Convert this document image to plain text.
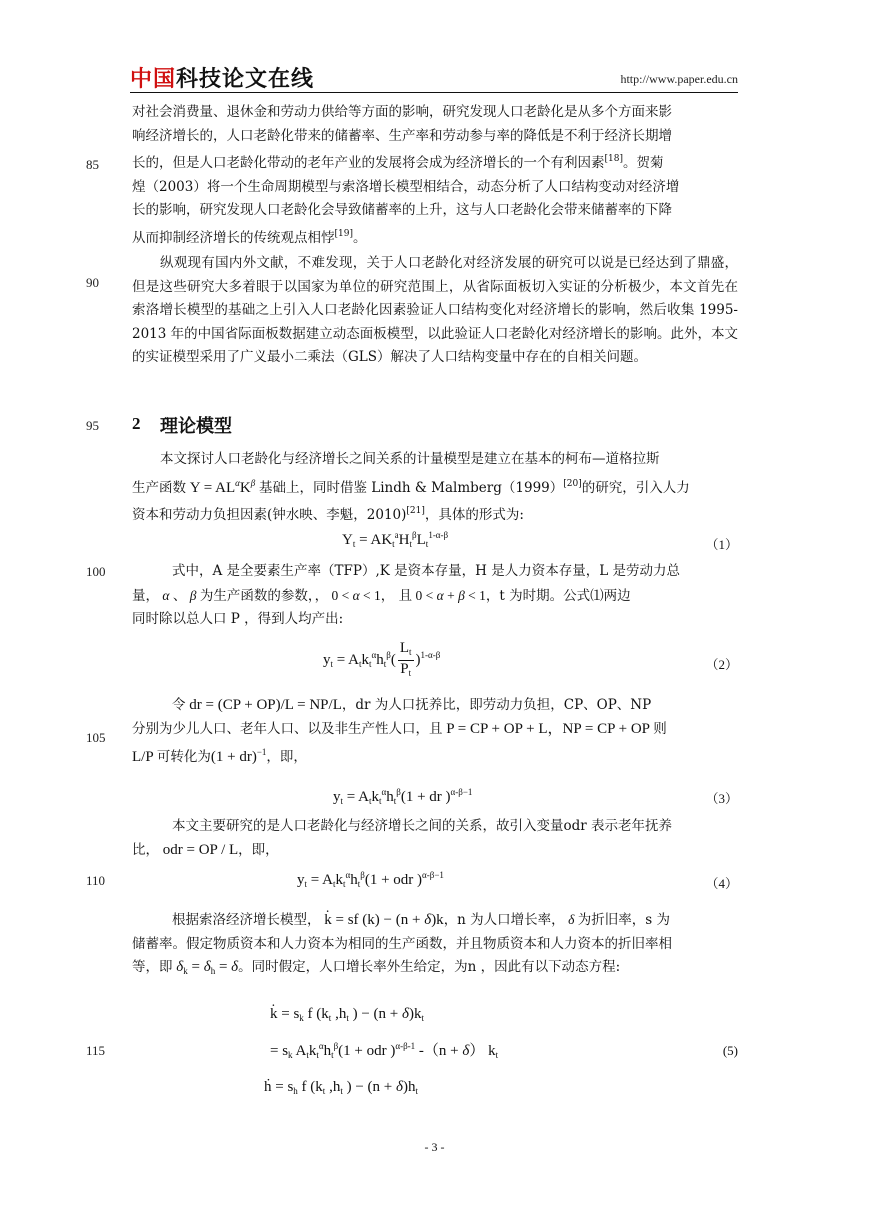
中国科技论文在线	http://www.paper.edu.cn
85
90
95
100
105
110
115

对社会消费量、退休金和劳动力供给等方面的影响，研究发现人口老龄化是从多个方面来影

响经济增长的，人口老龄化带来的储蓄率、生产率和劳动参与率的降低是不利于经济长期增

长的，但是人口老龄化带动的老年产业的发展将会成为经济增长的一个有利因素[18]。贺菊

煌（2003）将一个生命周期模型与索洛增长模型相结合，动态分析了人口结构变动对经济增

长的影响，研究发现人口老龄化会导致储蓄率的上升，这与人口老龄化会带来储蓄率的下降

从而抑制经济增长的传统观点相悖[19]。

纵观现有国内外文献，不难发现，关于人口老龄化对经济发展的研究可以说是已经达到了鼎盛，但是这些研究大多着眼于以国家为单位的研究范围上，从省际面板切入实证的分析极少，本文首先在索洛增长模型的基础之上引入人口老龄化因素验证人口结构变化对经济增长的影响，然后收集 1995-2013 年的中国省际面板数据建立动态面板模型，以此验证人口老龄化对经济增长的影响。此外，本文的实证模型采用了广义最小二乘法（GLS）解决了人口结构变量中存在的自相关问题。

2 理论模型

本文探讨人口老龄化与经济增长之间关系的计量模型是建立在基本的柯布—道格拉斯

生产函数 $Y = AL^\alpha K^\beta$ 基础上，同时借鉴 Lindh & Malmberg（1999）[20]的研究，引入人力

资本和劳动力负担因素(钟水映、李魁，2010)[21]，具体的形式为:

$Y_t = AK_t^aH_t^\beta L_t^{1-\alpha-\beta}$
（1）

式中，A 是全要素生产率（TFP）,K 是资本存量，H 是人力资本存量，L 是劳动力总

量， α 、 β 为生产函数的参数，， 0 < α < 1， 且 0 < α + β < 1，t 为时期。公式⑴两边

同时除以总人口 P ，得到人均产出:

$y_t = A_tk_t^\alpha h_t^\beta( \frac{L_t}{P_t} )^{1-\alpha-\beta}$
（2）

令 dr = (CP + OP)/L = NP/L，dr 为人口抚养比，即劳动力负担，CP、OP、NP

分别为少儿人口、老年人口、以及非生产性人口，且 P = CP + OP + L，NP = CP + OP 则

L/P 可转化为(1 + dr)$^{-1}$，即，

$y_t = A_tk_t^\alpha h_t^\beta(1$ + dr )$^{\alpha-\beta-1}$	（3）

本文主要研究的是人口老龄化与经济增长之间的关系，故引入变量odr 表示老年抚养

比， odr = OP / L，即，

$y_t = A_tk_t^\alpha h_t^\beta(1$ + odr )$^{\alpha-\beta-1}$
（4）

根据索洛经济增长模型， k̇ = sf (k) − (n + δ)k，n 为人口增长率， δ 为折旧率，s 为

储蓄率。假定物质资本和人力资本为相同的生产函数，并且物质资本和人力资本的折旧率相

等，即 $\delta_k = \delta_h = \delta$。同时假定，人口增长率外生给定，为n ，因此有以下动态方程:

k̇ = $s_k$ f ($k_t$ $,h_t$ ) − $(n + \delta)k_t$
= $s_k$ $A_tk_t^\alpha h_t^\beta(1$ + odr )$^{\alpha-\beta-1}$ -（n + δ） $k_t$	(5)
ḣ = $s_h$ f ($k_t$ $,h_t$ ) − $(n + \delta)h_t$
- 3 -
